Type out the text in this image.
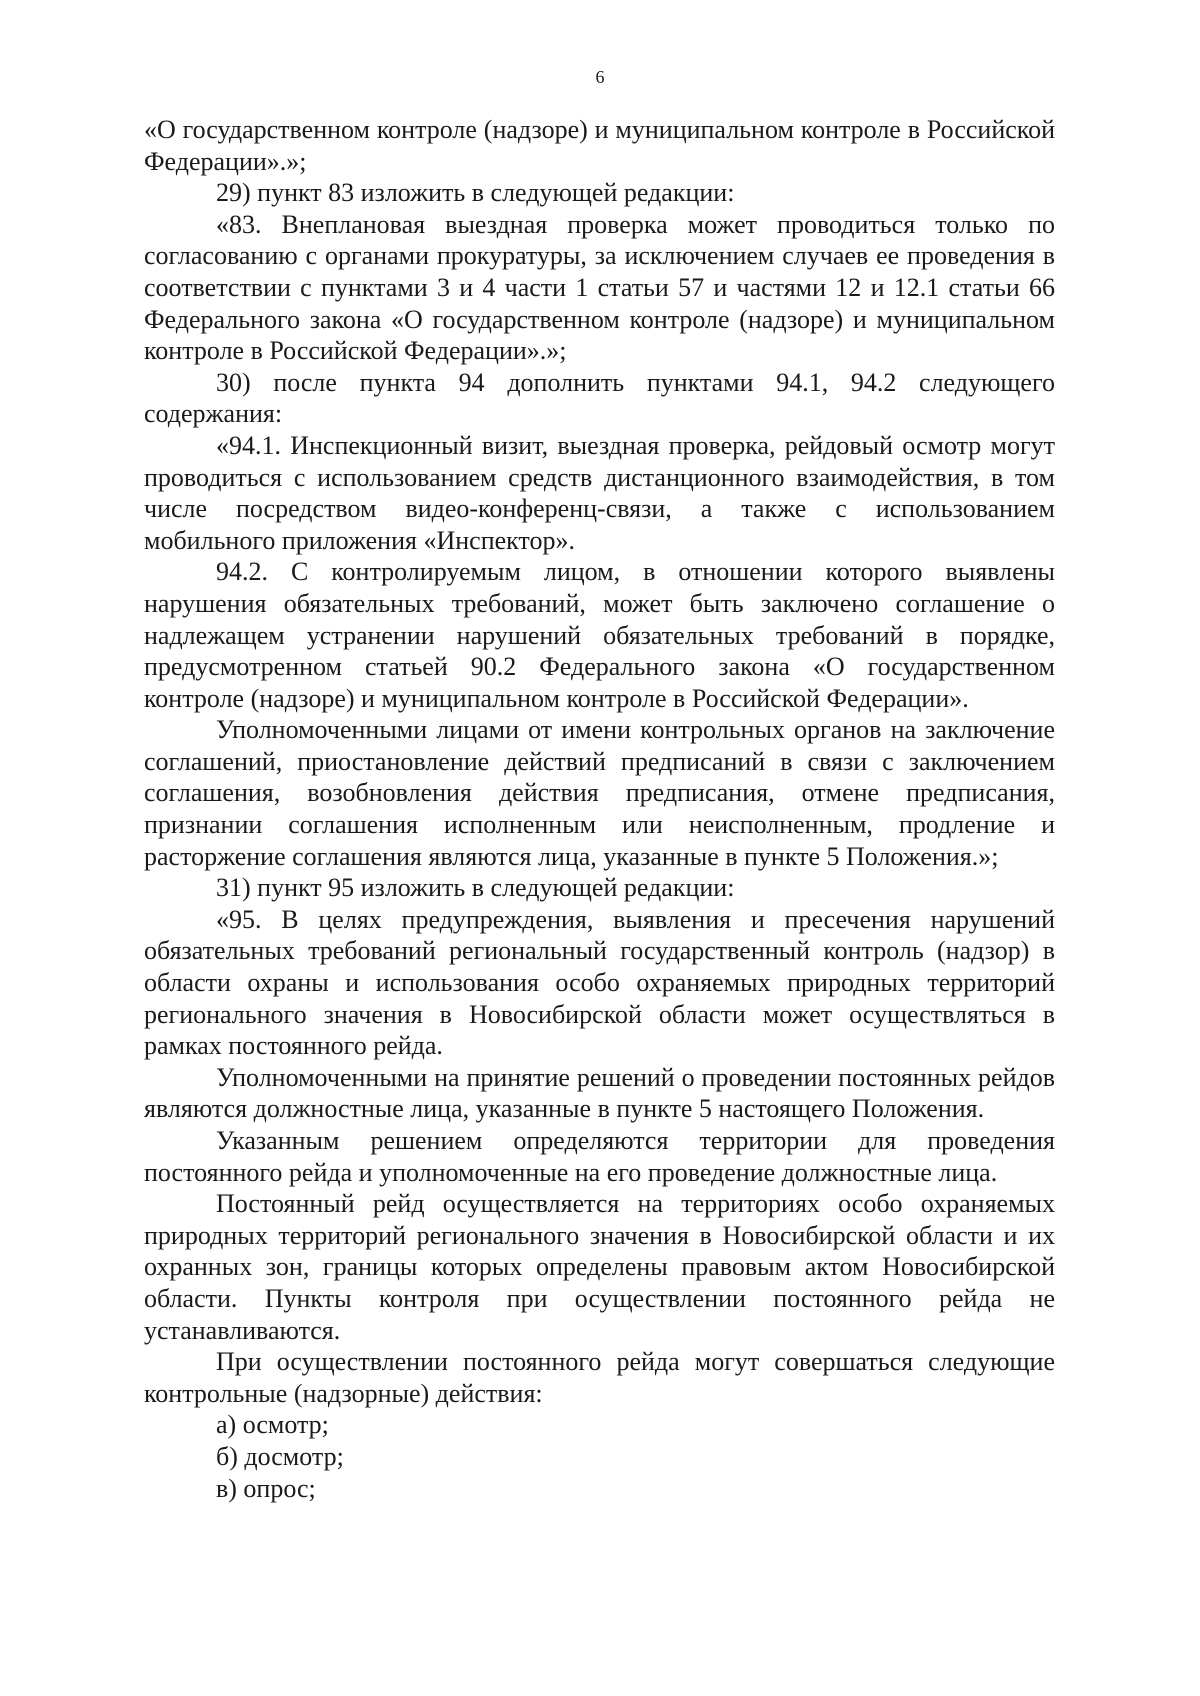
6

«О государственном контроле (надзоре) и муниципальном контроле в Российской Федерации».»;

29) пункт 83 изложить в следующей редакции:

«83. Внеплановая выездная проверка может проводиться только по согласованию с органами прокуратуры, за исключением случаев ее проведения в соответствии с пунктами 3 и 4 части 1 статьи 57 и частями 12 и 12.1 статьи 66 Федерального закона «О государственном контроле (надзоре) и муниципальном контроле в Российской Федерации».»;

30) после пункта 94 дополнить пунктами 94.1, 94.2 следующего содержания:

«94.1. Инспекционный визит, выездная проверка, рейдовый осмотр могут проводиться с использованием средств дистанционного взаимодействия, в том числе посредством видео-конференц-связи, а также с использованием мобильного приложения «Инспектор».

94.2. С контролируемым лицом, в отношении которого выявлены нарушения обязательных требований, может быть заключено соглашение о надлежащем устранении нарушений обязательных требований в порядке, предусмотренном статьей 90.2 Федерального закона «О государственном контроле (надзоре) и муниципальном контроле в Российской Федерации».

Уполномоченными лицами от имени контрольных органов на заключение соглашений, приостановление действий предписаний в связи с заключением соглашения, возобновления действия предписания, отмене предписания, признании соглашения исполненным или неисполненным, продление и расторжение соглашения являются лица, указанные в пункте 5 Положения.»;

31) пункт 95 изложить в следующей редакции:

«95. В целях предупреждения, выявления и пресечения нарушений обязательных требований региональный государственный контроль (надзор) в области охраны и использования особо охраняемых природных территорий регионального значения в Новосибирской области может осуществляться в рамках постоянного рейда.

Уполномоченными на принятие решений о проведении постоянных рейдов являются должностные лица, указанные в пункте 5 настоящего Положения.

Указанным решением определяются территории для проведения постоянного рейда и уполномоченные на его проведение должностные лица.

Постоянный рейд осуществляется на территориях особо охраняемых природных территорий регионального значения в Новосибирской области и их охранных зон, границы которых определены правовым актом Новосибирской области. Пункты контроля при осуществлении постоянного рейда не устанавливаются.

При осуществлении постоянного рейда могут совершаться следующие контрольные (надзорные) действия:

а) осмотр;

б) досмотр;

в) опрос;
